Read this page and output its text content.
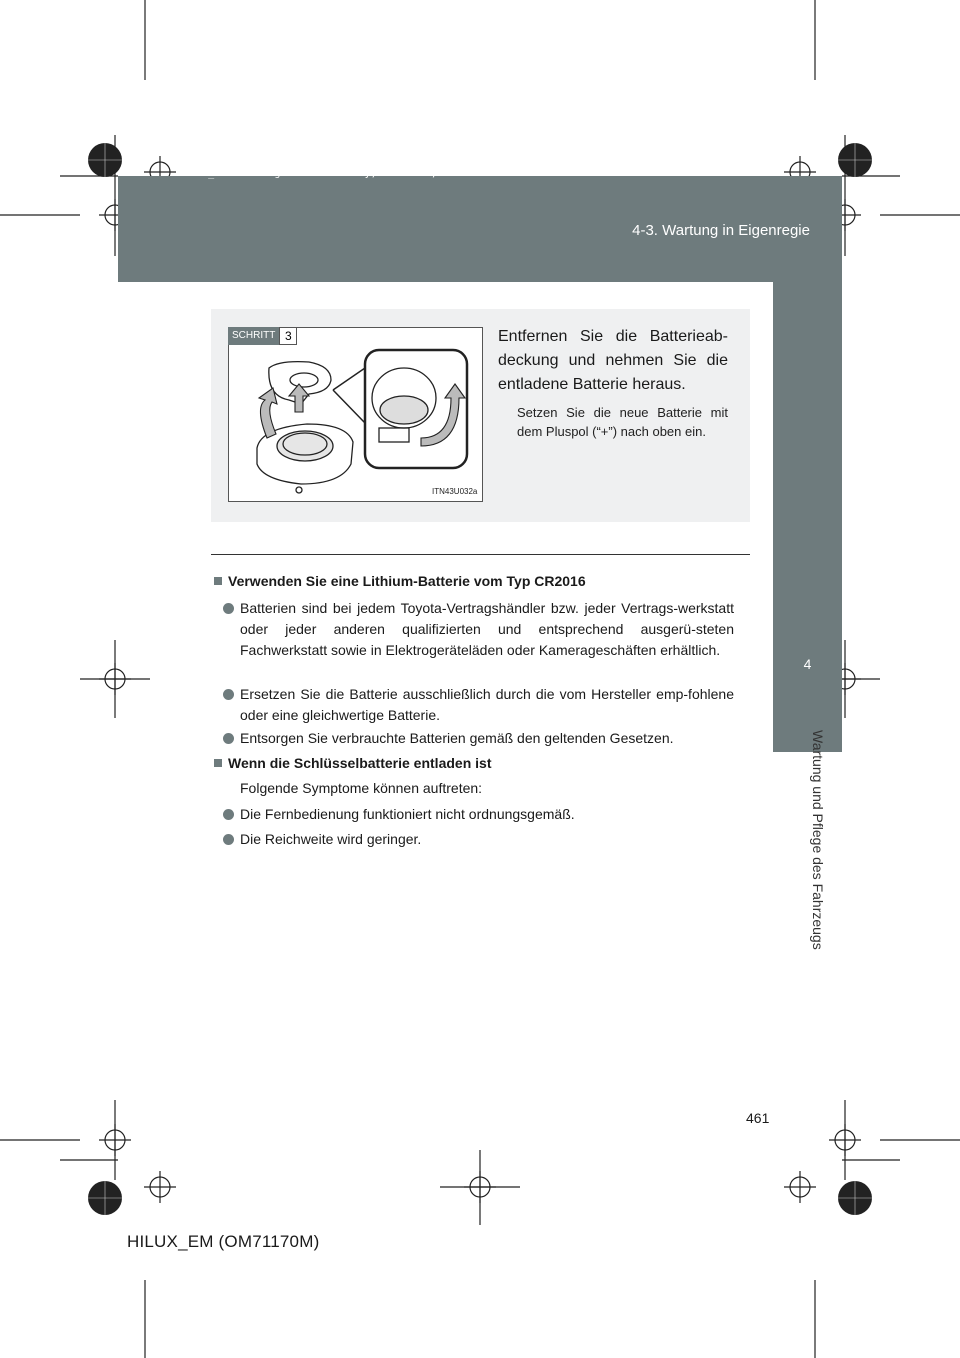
HILUX_EM.book Page 461 Wednesday, March 23, 2011 2:48 PM
4-3. Wartung in Eigenregie
4
Wartung und Pflege des Fahrzeugs
SCHRITT 3
ITN43U032a
Entfernen Sie die Batterieab-deckung und nehmen Sie die entladene Batterie heraus.
Setzen Sie die neue Batterie mit dem Pluspol (“+”) nach oben ein.
Verwenden Sie eine Lithium-Batterie vom Typ CR2016
Batterien sind bei jedem Toyota-Vertragshändler bzw. jeder Vertrags-werkstatt oder jeder anderen qualifizierten und entsprechend ausgerü-steten Fachwerkstatt sowie in Elektrogeräteläden oder Kamerageschäften erhältlich.
Ersetzen Sie die Batterie ausschließlich durch die vom Hersteller emp-fohlene oder eine gleichwertige Batterie.
Entsorgen Sie verbrauchte Batterien gemäß den geltenden Gesetzen.
Wenn die Schlüsselbatterie entladen ist
Folgende Symptome können auftreten:
Die Fernbedienung funktioniert nicht ordnungsgemäß.
Die Reichweite wird geringer.
461
HILUX_EM (OM71170M)
